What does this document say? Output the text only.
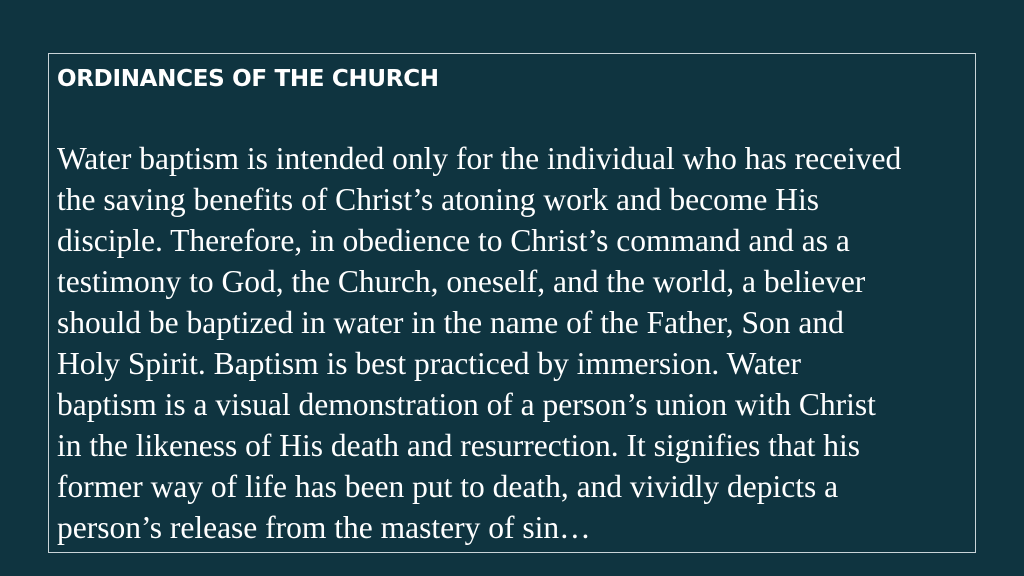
ORDINANCES OF THE CHURCH
Water baptism is intended only for the individual who has received
the saving benefits of Christ’s atoning work and become His
disciple. Therefore, in obedience to Christ’s command and as a
testimony to God, the Church, oneself, and the world, a believer
should be baptized in water in the name of the Father, Son and
Holy Spirit. Baptism is best practiced by immersion. Water
baptism is a visual demonstration of a person’s union with Christ
in the likeness of His death and resurrection. It signifies that his
former way of life has been put to death, and vividly depicts a
person’s release from the mastery of sin…
